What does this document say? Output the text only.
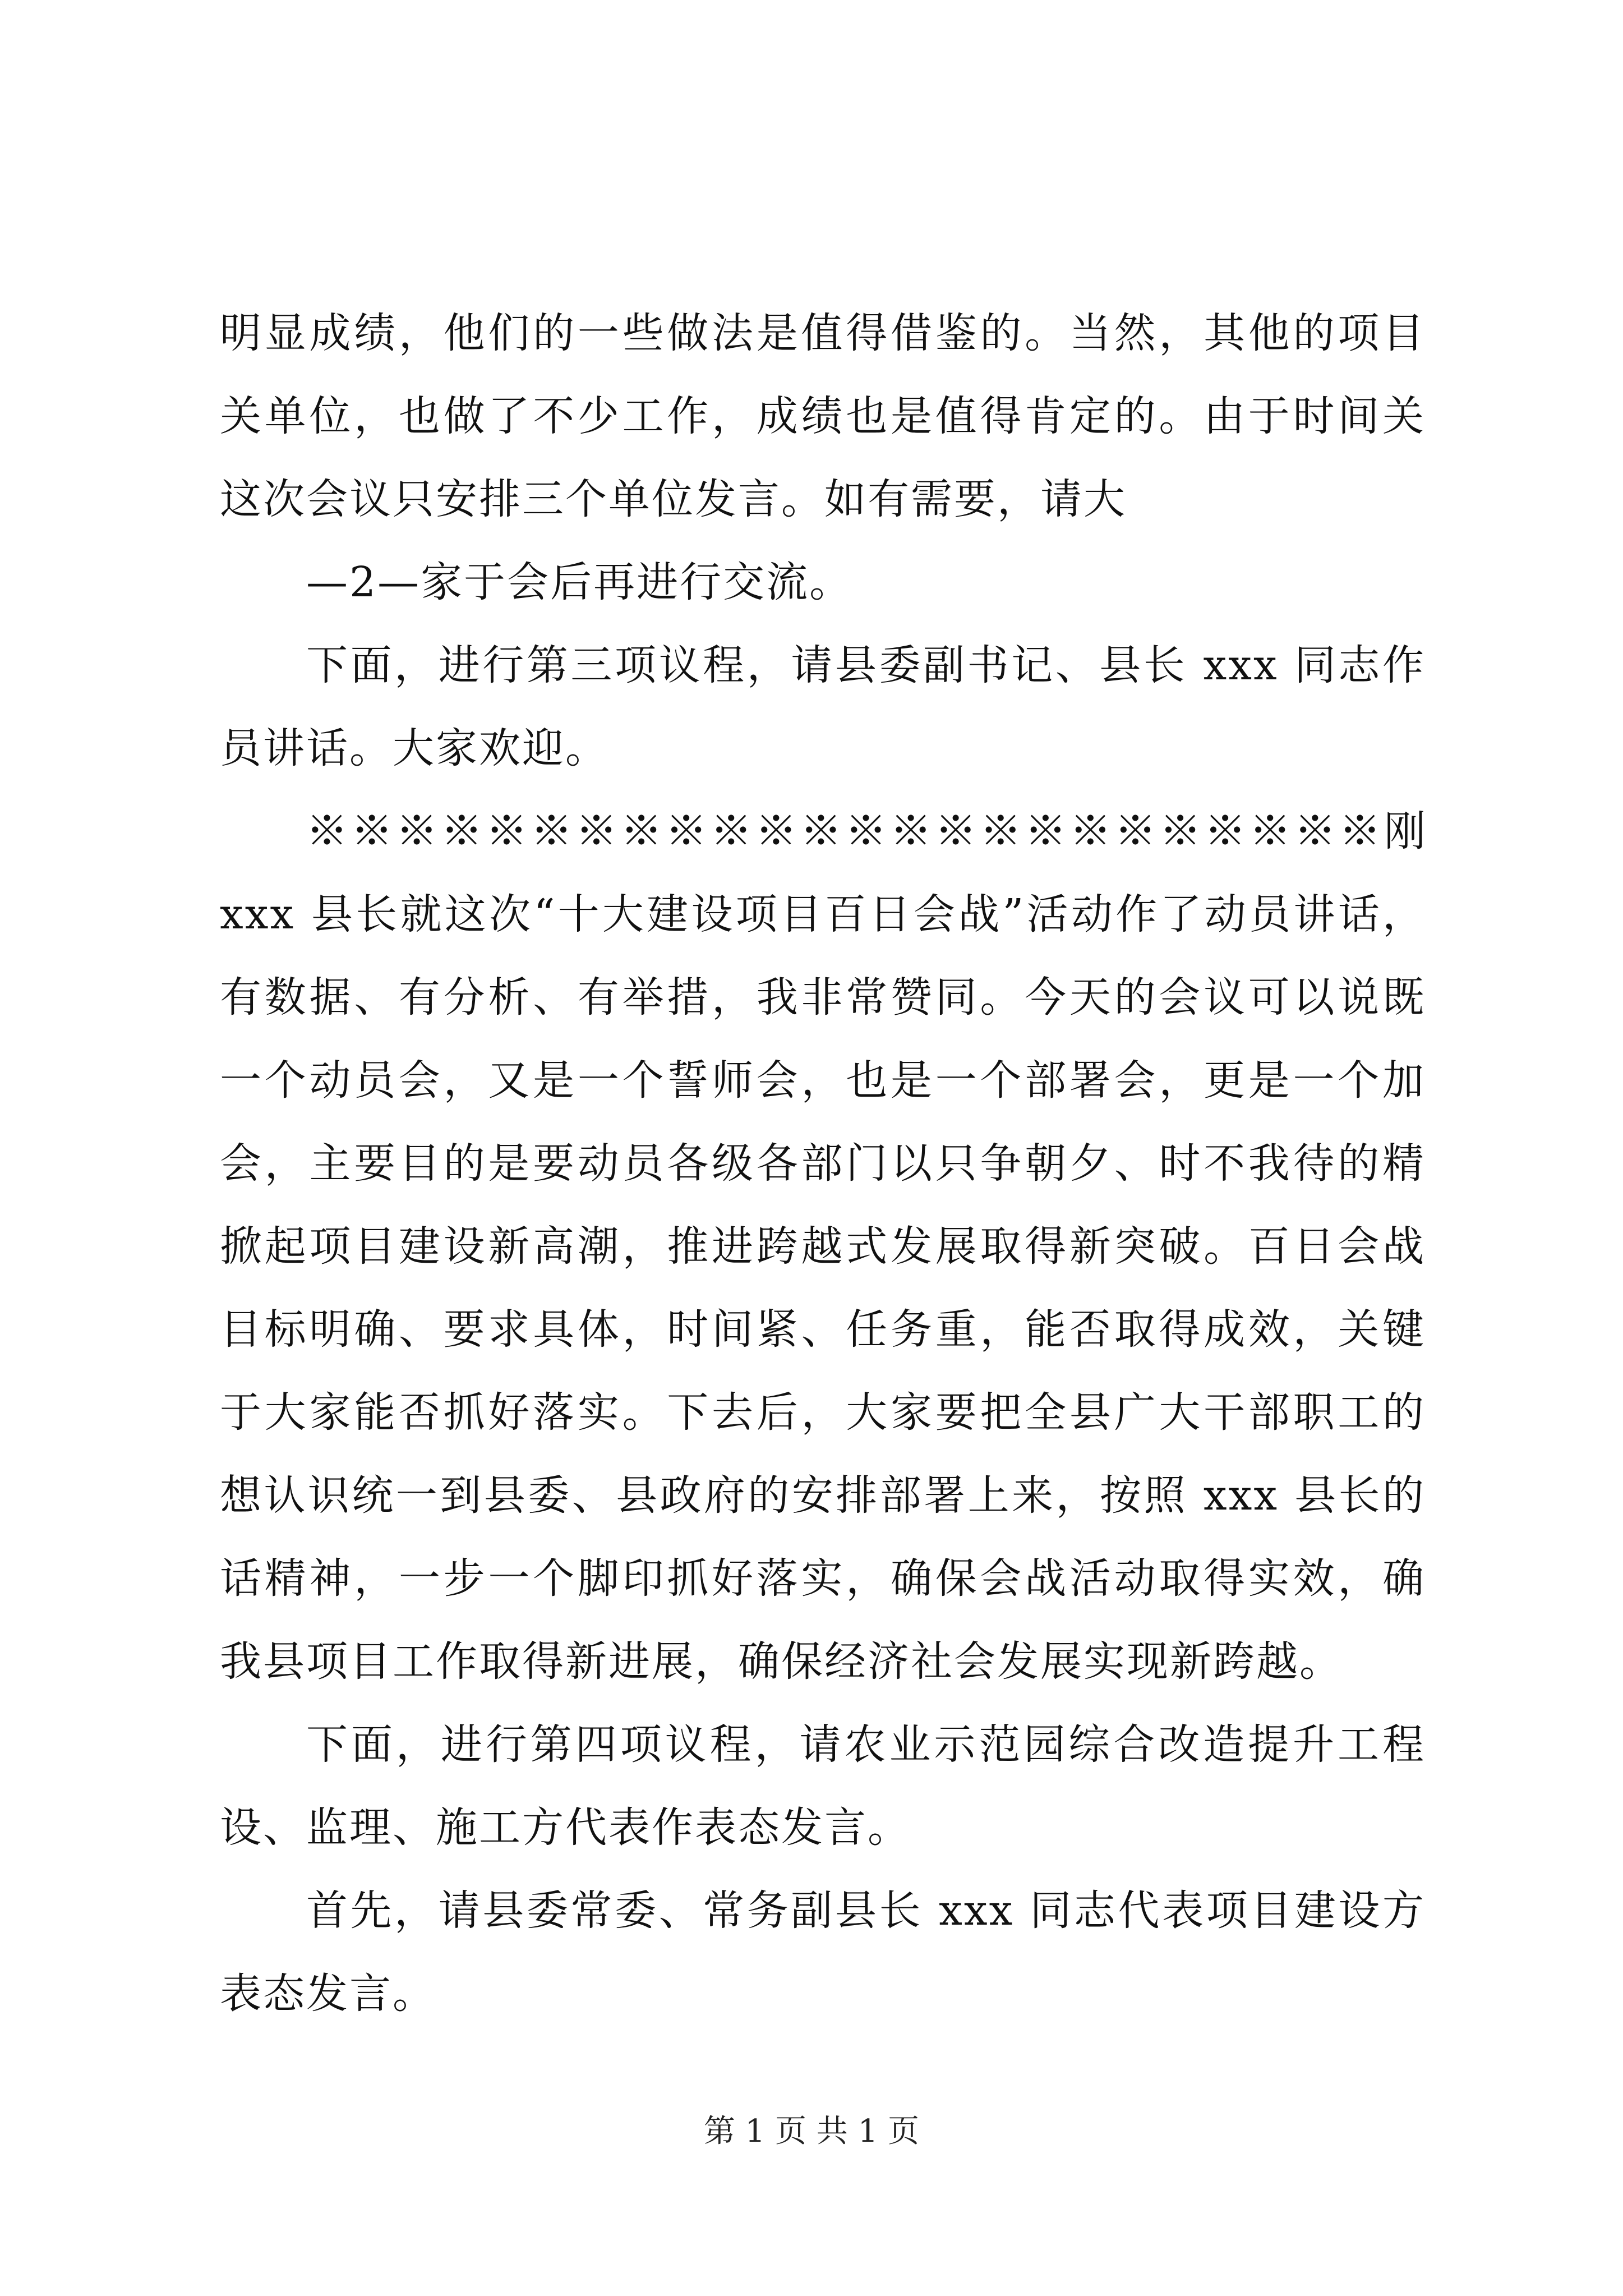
明显成绩，他们的一些做法是值得借鉴的。当然，其他的项目
关单位，也做了不少工作，成绩也是值得肯定的。由于时间关
这次会议只安排三个单位发言。如有需要，请大
—2—家于会后再进行交流。
下面，进行第三项议程，请县委副书记、县长 xxx 同志作
员讲话。大家欢迎。
※※※※※※※※※※※※※※※※※※※※※※※※刚
xxx 县长就这次“十大建设项目百日会战”活动作了动员讲话，
有数据、有分析、有举措，我非常赞同。今天的会议可以说既
一个动员会，又是一个誓师会，也是一个部署会，更是一个加
会，主要目的是要动员各级各部门以只争朝夕、时不我待的精
掀起项目建设新高潮，推进跨越式发展取得新突破。百日会战
目标明确、要求具体，时间紧、任务重，能否取得成效，关键
于大家能否抓好落实。下去后，大家要把全县广大干部职工的
想认识统一到县委、县政府的安排部署上来，按照 xxx 县长的
话精神，一步一个脚印抓好落实，确保会战活动取得实效，确
我县项目工作取得新进展，确保经济社会发展实现新跨越。
下面，进行第四项议程，请农业示范园综合改造提升工程
设、监理、施工方代表作表态发言。
首先，请县委常委、常务副县长 xxx 同志代表项目建设方
表态发言。
第 1 页 共 1 页
